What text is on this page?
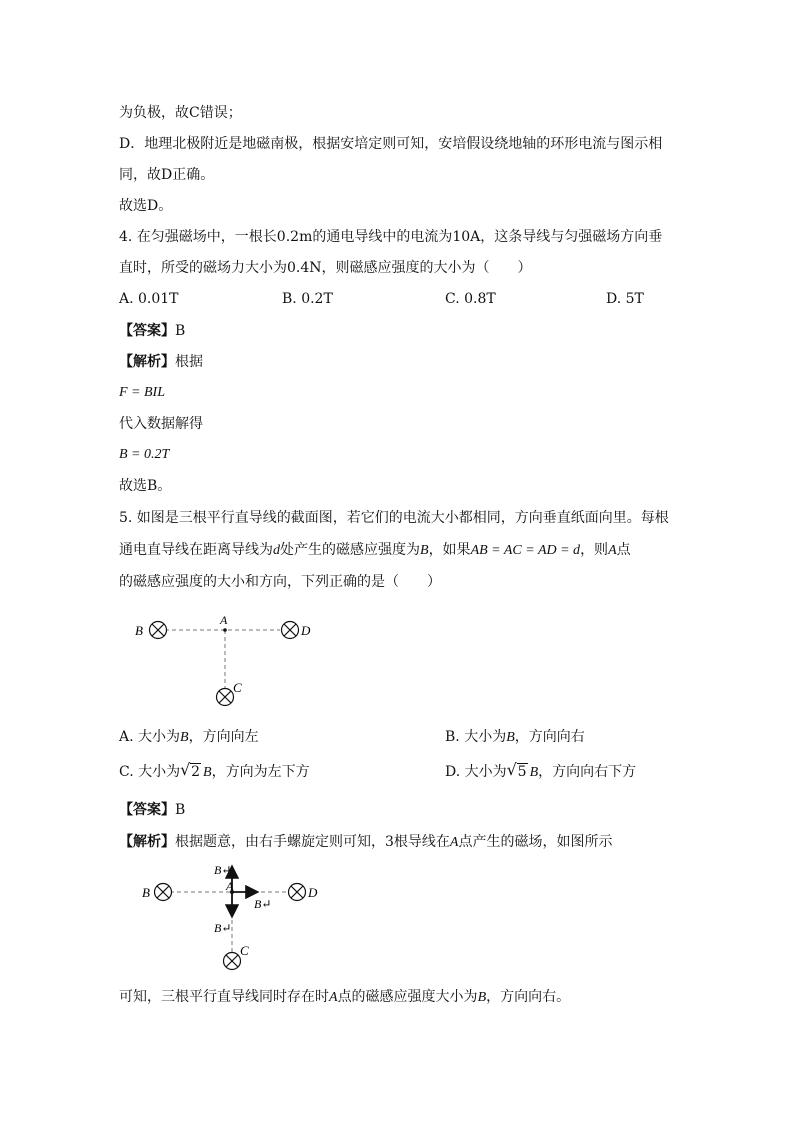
为负极，故C错误；
D．地理北极附近是地磁南极，根据安培定则可知，安培假设绕地轴的环形电流与图示相
同，故D正确。
故选D。
4. 在匀强磁场中，一根长0.2m的通电导线中的电流为10A，这条导线与匀强磁场方向垂
直时，所受的磁场力大小为0.4N，则磁感应强度的大小为（　　）
A. 0.01T	B. 0.2T	C. 0.8T	D. 5T
【答案】B
【解析】根据
F = BIL
代入数据解得
B = 0.2T
故选B。
5. 如图是三根平行直导线的截面图，若它们的电流大小都相同，方向垂直纸面向里。每根
通电直导线在距离导线为d处产生的磁感应强度为B，如果AB = AC = AD = d，则A点
的磁感应强度的大小和方向，下列正确的是（　　）
B
A
D
C
A. 大小为B，方向向左	B. 大小为B，方向向右
C. 大小为 √ 2 B，方向为左下方	D. 大小为 √ 5 B，方向向右下方
【答案】B
【解析】根据题意，由右手螺旋定则可知，3根导线在A点产生的磁场，如图所示
B	A	D
C
B↵
B↵
B↵
可知，三根平行直导线同时存在时A点的磁感应强度大小为B，方向向右。
